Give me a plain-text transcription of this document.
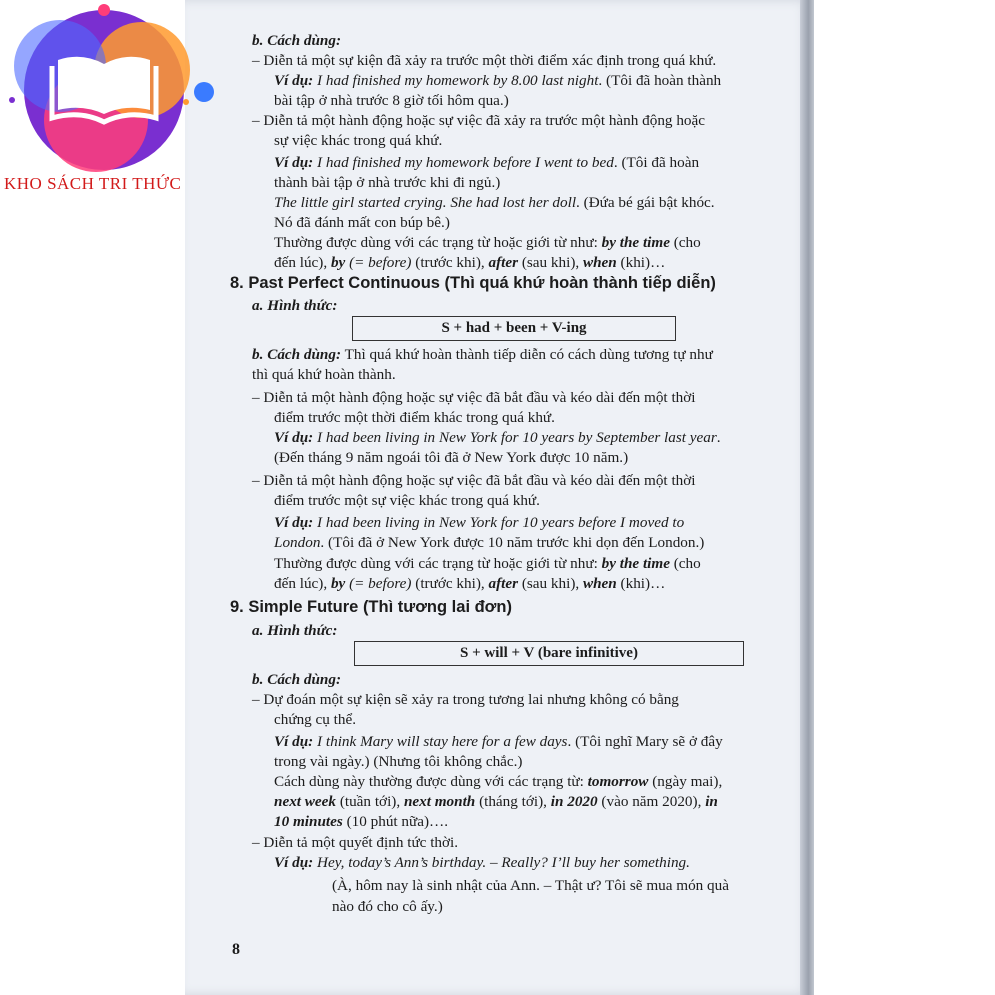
KHO SÁCH TRI THỨC
b. Cách dùng:
– Diễn tả một sự kiện đã xảy ra trước một thời điểm xác định trong quá khứ.
Ví dụ: I had finished my homework by 8.00 last night. (Tôi đã hoàn thành
bài tập ở nhà trước 8 giờ tối hôm qua.)
– Diễn tả một hành động hoặc sự việc đã xảy ra trước một hành động hoặc
sự việc khác trong quá khứ.
Ví dụ: I had finished my homework before I went to bed. (Tôi đã hoàn
thành bài tập ở nhà trước khi đi ngủ.)
The little girl started crying. She had lost her doll. (Đứa bé gái bật khóc.
Nó đã đánh mất con búp bê.)
Thường được dùng với các trạng từ hoặc giới từ như: by the time (cho
đến lúc), by (= before) (trước khi), after (sau khi), when (khi)…
8. Past Perfect Continuous (Thì quá khứ hoàn thành tiếp diễn)
a. Hình thức:
S + had + been + V-ing
b. Cách dùng: Thì quá khứ hoàn thành tiếp diễn có cách dùng tương tự như
thì quá khứ hoàn thành.
– Diễn tả một hành động hoặc sự việc đã bắt đầu và kéo dài đến một thời
điểm trước một thời điểm khác trong quá khứ.
Ví dụ: I had been living in New York for 10 years by September last year.
(Đến tháng 9 năm ngoái tôi đã ở New York được 10 năm.)
– Diễn tả một hành động hoặc sự việc đã bắt đầu và kéo dài đến một thời
điểm trước một sự việc khác trong quá khứ.
Ví dụ: I had been living in New York for 10 years before I moved to
London. (Tôi đã ở New York được 10 năm trước khi dọn đến London.)
Thường được dùng với các trạng từ hoặc giới từ như: by the time (cho
đến lúc), by (= before) (trước khi), after (sau khi), when (khi)…
9. Simple Future (Thì tương lai đơn)
a. Hình thức:
S + will + V (bare infinitive)
b. Cách dùng:
– Dự đoán một sự kiện sẽ xảy ra trong tương lai nhưng không có bằng
chứng cụ thể.
Ví dụ: I think Mary will stay here for a few days. (Tôi nghĩ Mary sẽ ở đây
trong vài ngày.) (Nhưng tôi không chắc.)
Cách dùng này thường được dùng với các trạng từ: tomorrow (ngày mai),
next week (tuần tới), next month (tháng tới), in 2020 (vào năm 2020), in
10 minutes (10 phút nữa)….
– Diễn tả một quyết định tức thời.
Ví dụ: Hey, today’s Ann’s birthday. – Really? I’ll buy her something.
(À, hôm nay là sinh nhật của Ann. – Thật ư? Tôi sẽ mua món quà
nào đó cho cô ấy.)
8
